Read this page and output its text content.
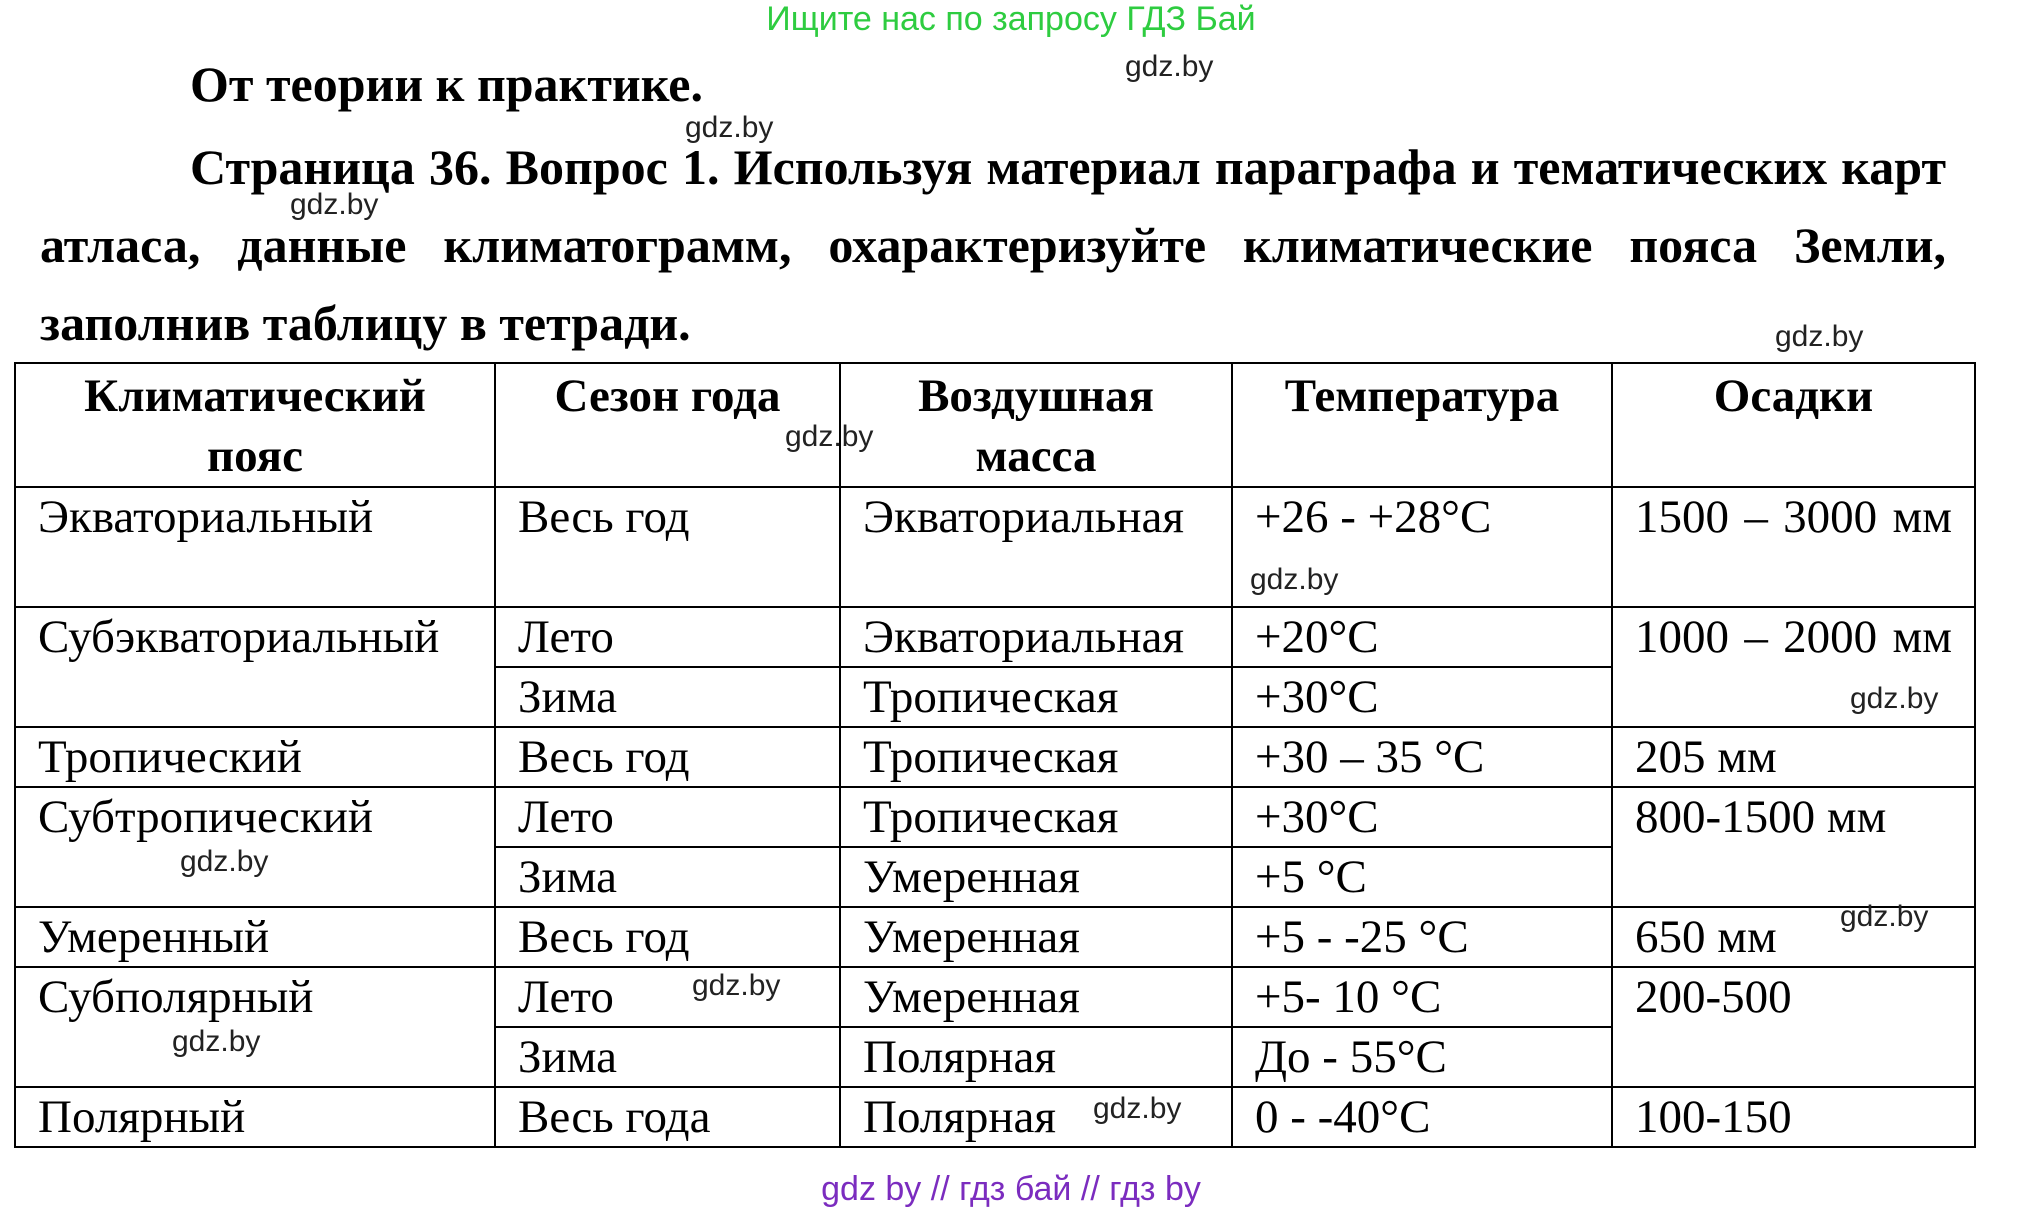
Ищите нас по запросу ГДЗ Бай
От теории к практике.
Страница 36. Вопрос 1. Используя материал параграфа и тематических карт атласа, данные климатограмм, охарактеризуйте климатические пояса Земли, заполнив таблицу в тетради.
Климатический пояс	Сезон года	Воздушная масса	Температура	Осадки
Экваториальный	Весь год	Экваториальная	+26 - +28°С	1500 – 3000 мм
Субэкваториальный	Лето	Экваториальная	+20°С	1000 – 2000 мм
	Зима	Тропическая	+30°С	
Тропический	Весь год	Тропическая	+30 – 35 °С	205 мм
Субтропический	Лето	Тропическая	+30°С	800-1500 мм
	Зима	Умеренная	+5 °С	
Умеренный	Весь год	Умеренная	+5 - -25 °С	650 мм
Субполярный	Лето	Умеренная	+5- 10 °С	200-500
	Зима	Полярная	До - 55°С	
Полярный	Весь года	Полярная	0 - -40°С	100-150
gdz.by
gdz.by
gdz.by
gdz.by
gdz.by
gdz.by
gdz.by
gdz.by
gdz.by
gdz.by
gdz.by
gdz.by
gdz by // гдз бай // гдз by
